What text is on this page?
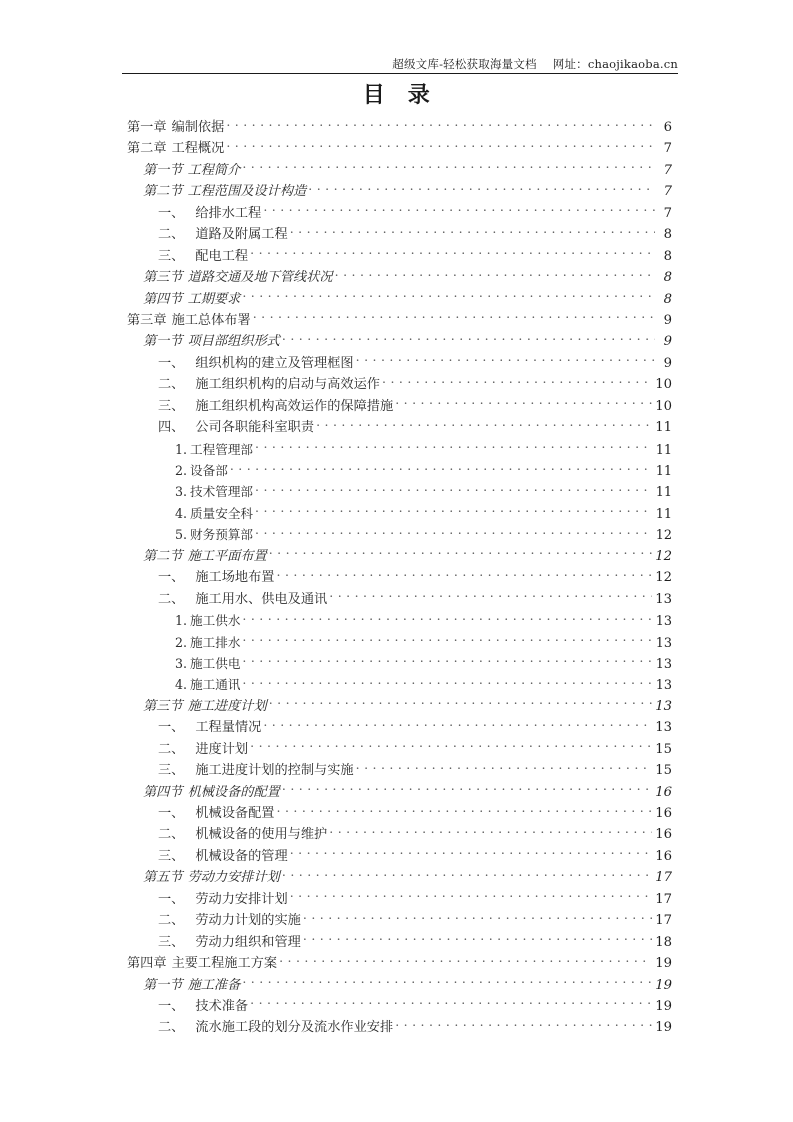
超级文库-轻松获取海量文档 网址：chaojikaoba.cn
目　录
第一章 编制依据 . . .	6
第二章 工程概况 . . .	7
第一节 工程简介 . . .	7
第二节 工程范围及设计构造 . . .	7
一、 给排水工程 . . .	7
二、 道路及附属工程 . . .	8
三、 配电工程 . . .	8
第三节 道路交通及地下管线状况 . . .	8
第四节 工期要求 . . .	8
第三章 施工总体布署 . . .	9
第一节 项目部组织形式 . . .	9
一、 组织机构的建立及管理框图 . . .	9
二、 施工组织机构的启动与高效运作 . . .	10
三、 施工组织机构高效运作的保障措施 . . .	10
四、 公司各职能科室职责 . . .	11
1. 工程管理部 . . .	11
2. 设备部 . . .	11
3. 技术管理部 . . .	11
4. 质量安全科 . . .	11
5. 财务预算部 . . .	12
第二节 施工平面布置 . . .	12
一、 施工场地布置 . . .	12
二、 施工用水、供电及通讯 . . .	13
1. 施工供水 . . .	13
2. 施工排水 . . .	13
3. 施工供电 . . .	13
4. 施工通讯 . . .	13
第三节 施工进度计划 . . .	13
一、 工程量情况 . . .	13
二、 进度计划 . . .	15
三、 施工进度计划的控制与实施 . . .	15
第四节 机械设备的配置 . . .	16
一、 机械设备配置 . . .	16
二、 机械设备的使用与维护 . . .	16
三、 机械设备的管理 . . .	16
第五节 劳动力安排计划 . . .	17
一、 劳动力安排计划 . . .	17
二、 劳动力计划的实施 . . .	17
三、 劳动力组织和管理 . . .	18
第四章 主要工程施工方案 . . .	19
第一节 施工准备 . . .	19
一、 技术准备 . . .	19
二、 流水施工段的划分及流水作业安排 . . .	19
